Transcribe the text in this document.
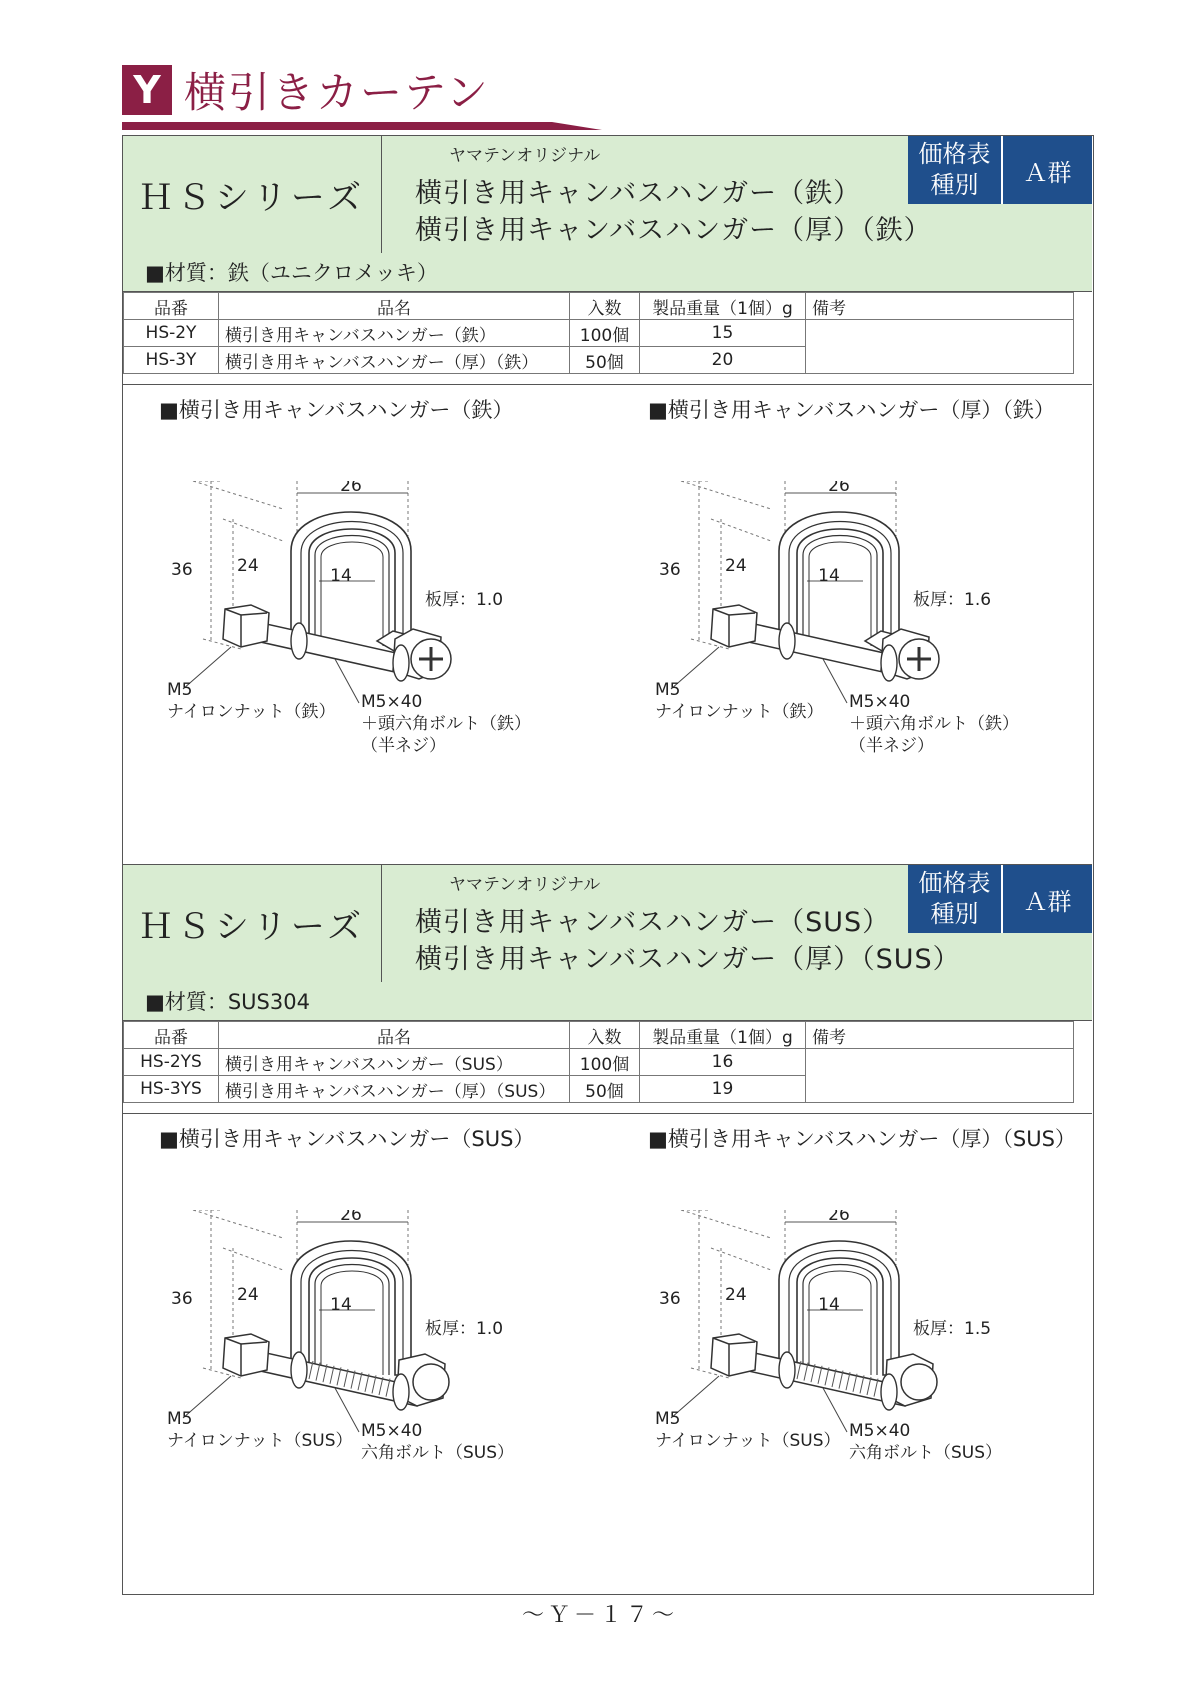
Y 横引きカーテン
ＨＳシリーズ
ヤマテンオリジナル
横引き用キャンバスハンガー（鉄）
横引き用キャンバスハンガー（厚）（鉄）
価格表
種別	Ａ群
■材質：鉄（ユニクロメッキ）
品番	品名	入数	製品重量（1個）g	備考
HS-2Y	横引き用キャンバスハンガー（鉄）	100個	15	
HS-3Y	横引き用キャンバスハンガー（厚）（鉄）	50個	20	
■横引き用キャンバスハンガー（鉄）	■横引き用キャンバスハンガー（厚）（鉄）
26
36	24	14
板厚：1.0
M5
ナイロンナット（鉄） M5×40
＋頭六角ボルト（鉄）
（半ネジ）
26
36	24	14
板厚：1.6
M5
ナイロンナット（鉄） M5×40
＋頭六角ボルト（鉄）
（半ネジ）
ＨＳシリーズ
ヤマテンオリジナル
横引き用キャンバスハンガー（SUS）
横引き用キャンバスハンガー（厚）（SUS）
価格表
種別	Ａ群
■材質：SUS304
品番	品名	入数	製品重量（1個）g	備考
HS-2YS	横引き用キャンバスハンガー（SUS）	100個	16	
HS-3YS	横引き用キャンバスハンガー（厚）（SUS）	50個	19	
■横引き用キャンバスハンガー（SUS）	■横引き用キャンバスハンガー（厚）（SUS）
26
36	24	14
板厚：1.0
M5
ナイロンナット（SUS） M5×40
六角ボルト（SUS）
26
36	24	14
板厚：1.5
M5
ナイロンナット（SUS） M5×40
六角ボルト（SUS）
～Ｙ－１７～
